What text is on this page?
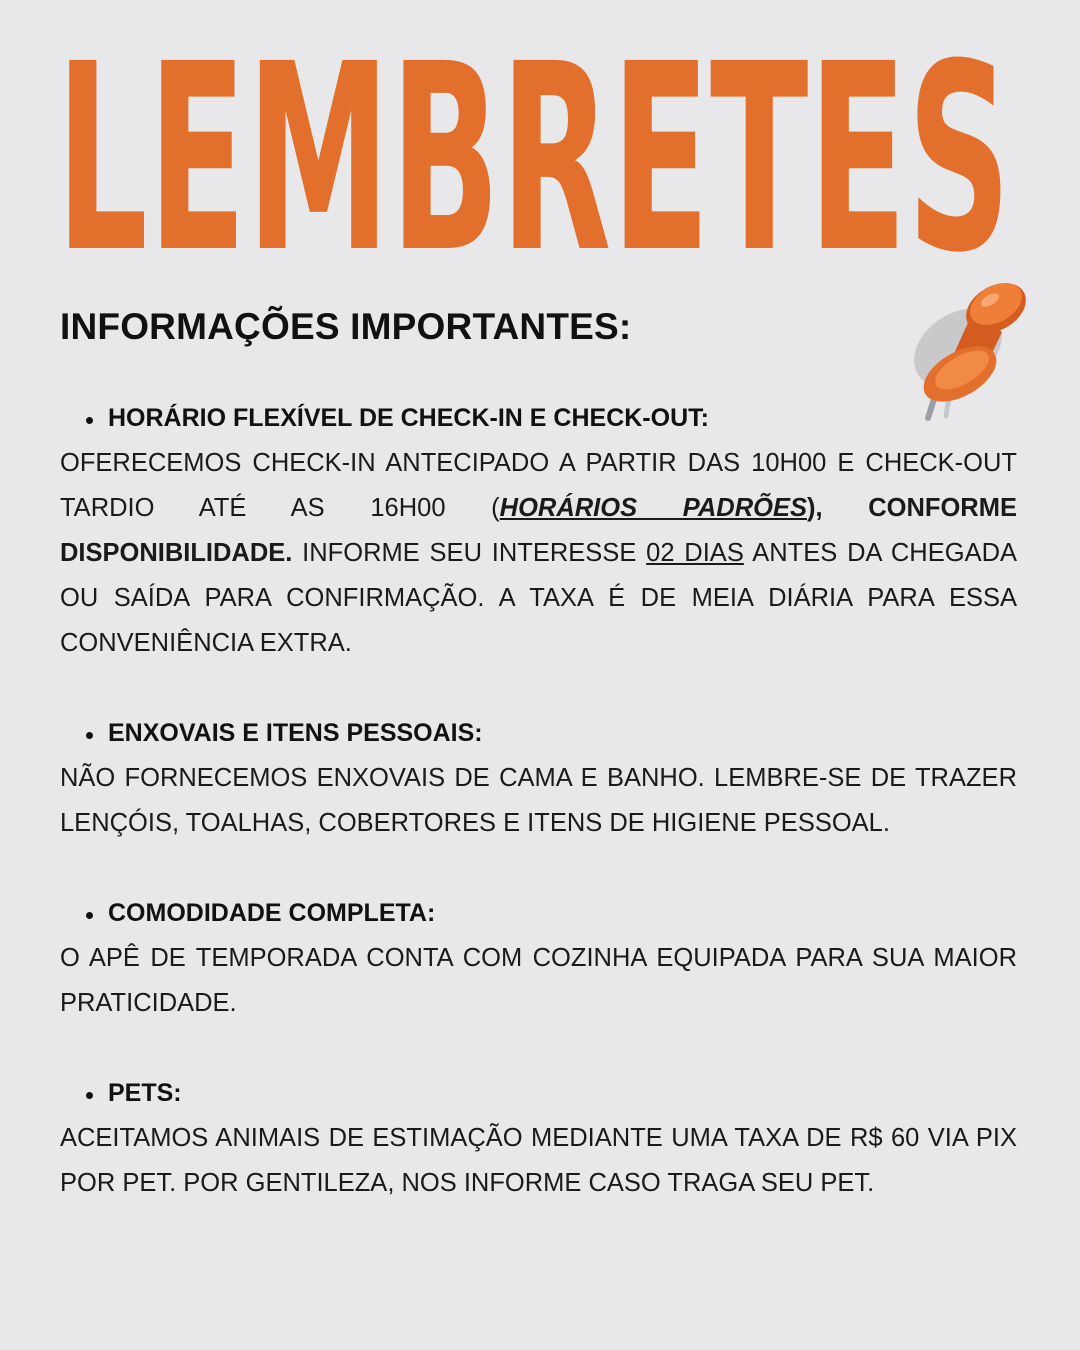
LEMBRETES
INFORMAÇÕES IMPORTANTES:
HORÁRIO FLEXÍVEL DE CHECK-IN E CHECK-OUT:

OFERECEMOS CHECK-IN ANTECIPADO A PARTIR DAS 10H00 E CHECK-OUT TARDIO ATÉ AS 16H00 (HORÁRIOS PADRÕES), CONFORME DISPONIBILIDADE. INFORME SEU INTERESSE 02 DIAS ANTES DA CHEGADA OU SAÍDA PARA CONFIRMAÇÃO. A TAXA É DE MEIA DIÁRIA PARA ESSA CONVENIÊNCIA EXTRA.

ENXOVAIS E ITENS PESSOAIS:

NÃO FORNECEMOS ENXOVAIS DE CAMA E BANHO. LEMBRE-SE DE TRAZER LENÇÓIS, TOALHAS, COBERTORES E ITENS DE HIGIENE PESSOAL.

COMODIDADE COMPLETA:

O APÊ DE TEMPORADA CONTA COM COZINHA EQUIPADA PARA SUA MAIOR PRATICIDADE.

PETS:

ACEITAMOS ANIMAIS DE ESTIMAÇÃO MEDIANTE UMA TAXA DE R$ 60 VIA PIX POR PET. POR GENTILEZA, NOS INFORME CASO TRAGA SEU PET.
